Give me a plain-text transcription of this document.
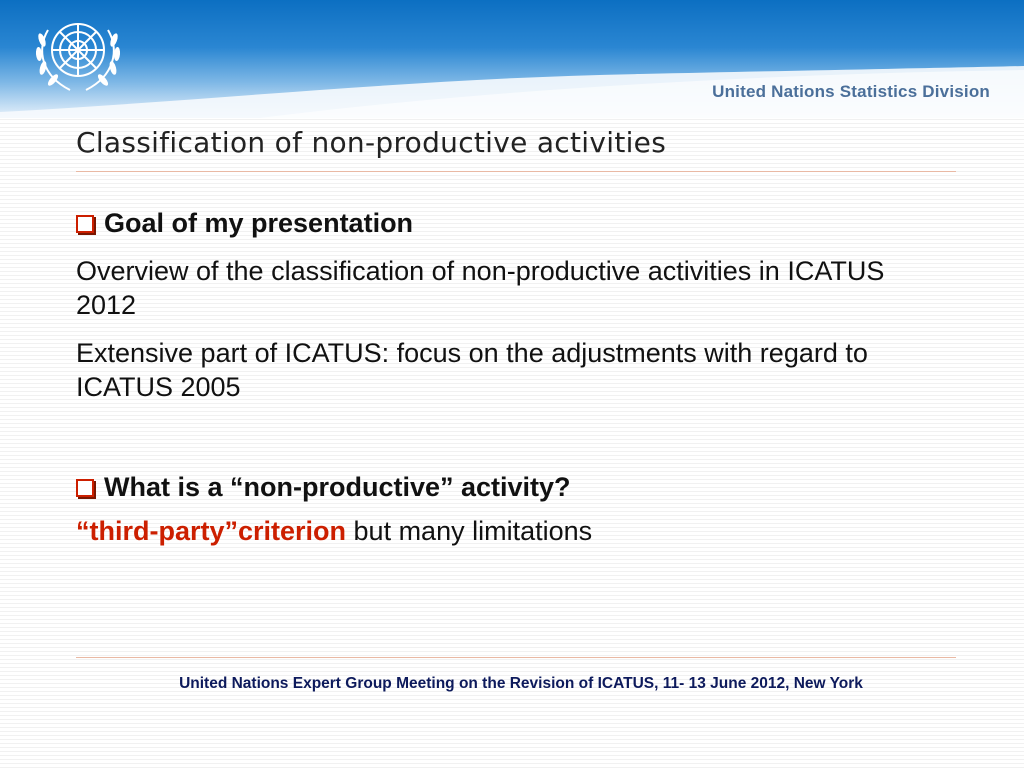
United Nations Statistics Division
Classification of non-productive activities
Goal of my presentation

Overview of the classification of non-productive activities in ICATUS 2012

Extensive part of ICATUS: focus on the adjustments with regard to ICATUS 2005

What is a “non-productive” activity?

“third-party”criterion but many limitations

United Nations Expert Group Meeting on the Revision of ICATUS, 11- 13 June 2012, New York
